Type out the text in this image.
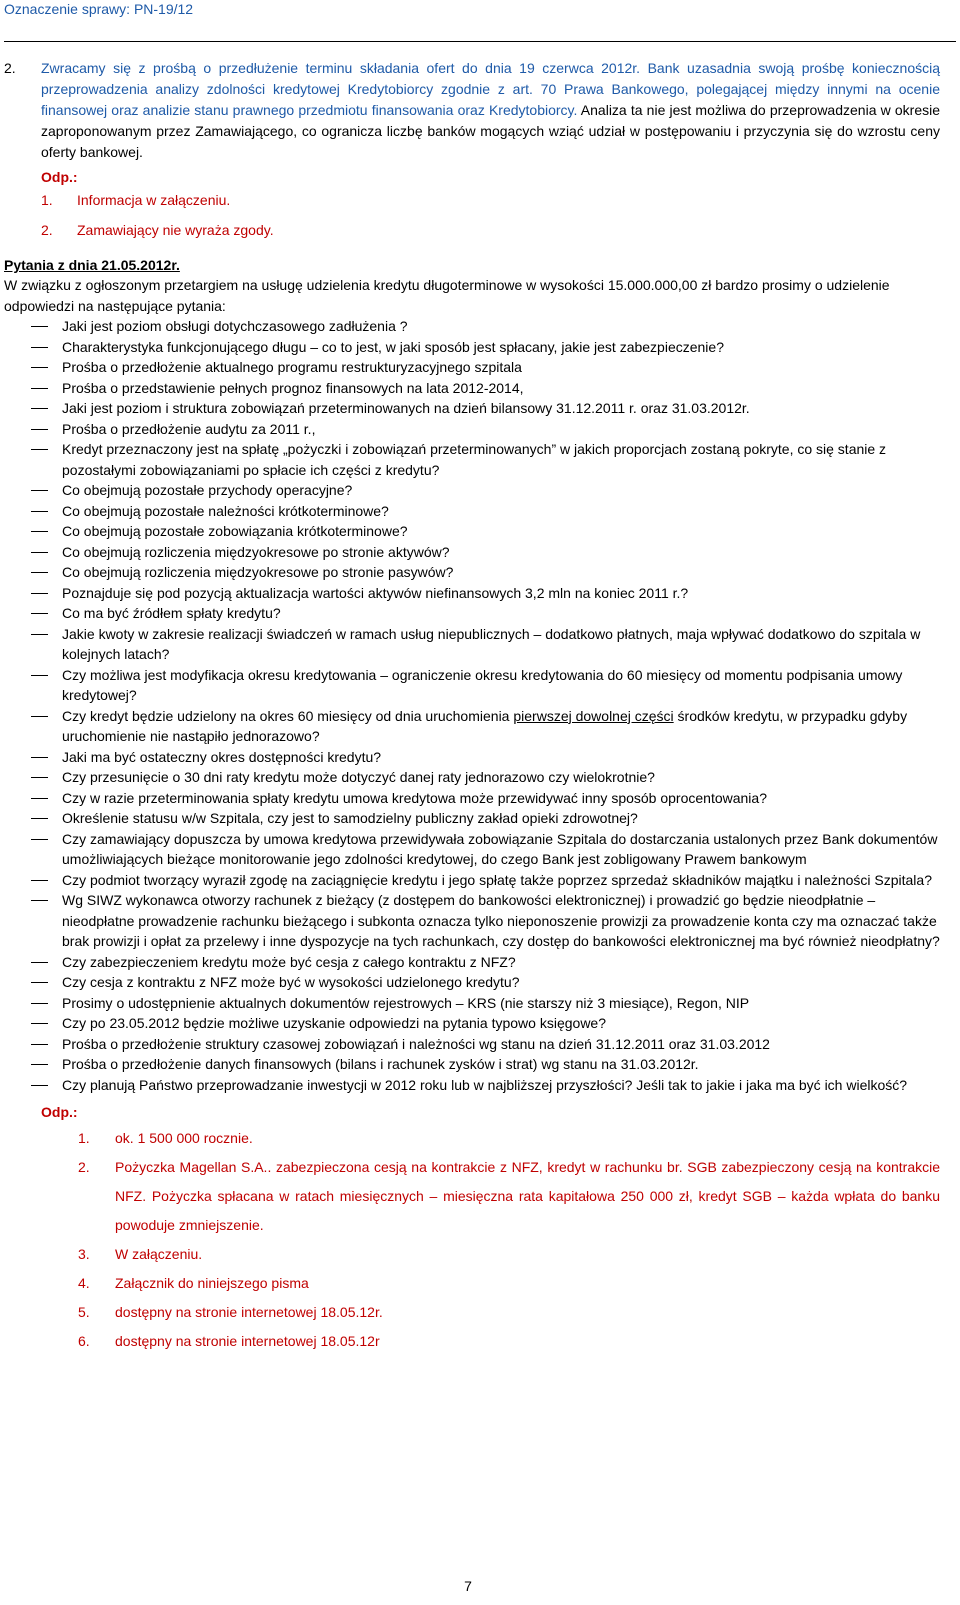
Oznaczenie sprawy: PN-19/12

2. Zwracamy się z prośbą o przedłużenie terminu składania ofert do dnia 19 czerwca 2012r. Bank uzasadnia swoją prośbę koniecznością przeprowadzenia analizy zdolności kredytowej Kredytobiorcy zgodnie z art. 70 Prawa Bankowego, polegającej między innymi na ocenie finansowej oraz analizie stanu prawnego przedmiotu finansowania oraz Kredytobiorcy. Analiza ta nie jest możliwa do przeprowadzenia w okresie zaproponowanym przez Zamawiającego, co ogranicza liczbę banków mogących wziąć udział w postępowaniu i przyczynia się do wzrostu ceny oferty bankowej.

Odp.:
1. Informacja w załączeniu.
2. Zamawiający nie wyraża zgody.
Pytania z dnia 21.05.2012r.

W związku z ogłoszonym przetargiem na usługę udzielenia kredytu długoterminowe w wysokości 15.000.000,00 zł bardzo prosimy o udzielenie odpowiedzi na następujące pytania:

Jaki jest poziom obsługi dotychczasowego zadłużenia ?
Charakterystyka funkcjonującego długu – co to jest, w jaki sposób jest spłacany, jakie jest zabezpieczenie?
Prośba o przedłożenie aktualnego programu restrukturyzacyjnego szpitala
Prośba o przedstawienie pełnych prognoz finansowych na lata 2012-2014,
Jaki jest poziom i struktura zobowiązań przeterminowanych na dzień bilansowy 31.12.2011 r. oraz 31.03.2012r.
Prośba o przedłożenie audytu za 2011 r.,
Kredyt przeznaczony jest na spłatę „pożyczki i zobowiązań przeterminowanych” w jakich proporcjach zostaną pokryte, co się stanie z pozostałymi zobowiązaniami po spłacie ich części z kredytu?
Co obejmują pozostałe przychody operacyjne?
Co obejmują pozostałe należności krótkoterminowe?
Co obejmują pozostałe zobowiązania krótkoterminowe?
Co obejmują rozliczenia międzyokresowe po stronie aktywów?
Co obejmują rozliczenia międzyokresowe po stronie pasywów?
Poznajduje się pod pozycją aktualizacja wartości aktywów niefinansowych 3,2 mln na koniec 2011 r.?
Co ma być źródłem spłaty kredytu?
Jakie kwoty w zakresie realizacji świadczeń w ramach usług niepublicznych – dodatkowo płatnych, maja wpływać dodatkowo do szpitala w kolejnych latach?
Czy możliwa jest modyfikacja okresu kredytowania – ograniczenie okresu kredytowania do 60 miesięcy od momentu podpisania umowy kredytowej?
Czy kredyt będzie udzielony na okres 60 miesięcy od dnia uruchomienia pierwszej dowolnej części środków kredytu, w przypadku gdyby uruchomienie nie nastąpiło jednorazowo?
Jaki ma być ostateczny okres dostępności kredytu?
Czy przesunięcie o 30 dni raty kredytu może dotyczyć danej raty jednorazowo czy wielokrotnie?
Czy w razie przeterminowania spłaty kredytu umowa kredytowa może przewidywać inny sposób oprocentowania?
Określenie statusu w/w Szpitala, czy jest to samodzielny publiczny zakład opieki zdrowotnej?
Czy zamawiający dopuszcza by umowa kredytowa przewidywała zobowiązanie Szpitala do dostarczania ustalonych przez Bank dokumentów umożliwiających bieżące monitorowanie jego zdolności kredytowej, do czego Bank jest zobligowany Prawem bankowym
Czy podmiot tworzący wyraził zgodę na zaciągnięcie kredytu i jego spłatę także poprzez sprzedaż składników majątku i należności Szpitala?
Wg SIWZ wykonawca otworzy rachunek z bieżący (z dostępem do bankowości elektronicznej) i prowadzić go będzie nieodpłatnie – nieodpłatne prowadzenie rachunku bieżącego i subkonta oznacza tylko nieponoszenie prowizji za prowadzenie konta czy ma oznaczać także brak prowizji i opłat za przelewy i inne dyspozycje na tych rachunkach, czy dostęp do bankowości elektronicznej ma być również nieodpłatny?
Czy zabezpieczeniem kredytu może być cesja z całego kontraktu z NFZ?
Czy cesja z kontraktu z NFZ może być w wysokości udzielonego kredytu?
Prosimy o udostępnienie aktualnych dokumentów rejestrowych – KRS (nie starszy niż 3 miesiące), Regon, NIP
Czy po 23.05.2012 będzie możliwe uzyskanie odpowiedzi na pytania typowo księgowe?
Prośba o przedłożenie struktury czasowej zobowiązań i należności wg stanu na dzień 31.12.2011 oraz 31.03.2012
Prośba o przedłożenie danych finansowych (bilans i rachunek zysków i strat) wg stanu na 31.03.2012r.
Czy planują Państwo przeprowadzanie inwestycji w 2012 roku lub w najbliższej przyszłości? Jeśli tak to jakie i jaka ma być ich wielkość?
Odp.:
1. ok. 1 500 000 rocznie.
2. Pożyczka Magellan S.A.. zabezpieczona cesją na kontrakcie z NFZ, kredyt w rachunku br. SGB zabezpieczony cesją na kontrakcie NFZ. Pożyczka spłacana w ratach miesięcznych – miesięczna rata kapitałowa 250 000 zł, kredyt SGB – każda wpłata do banku powoduje zmniejszenie.
3. W załączeniu.
4. Załącznik do niniejszego pisma
5. dostępny na stronie internetowej 18.05.12r.
6. dostępny na stronie internetowej 18.05.12r
7
